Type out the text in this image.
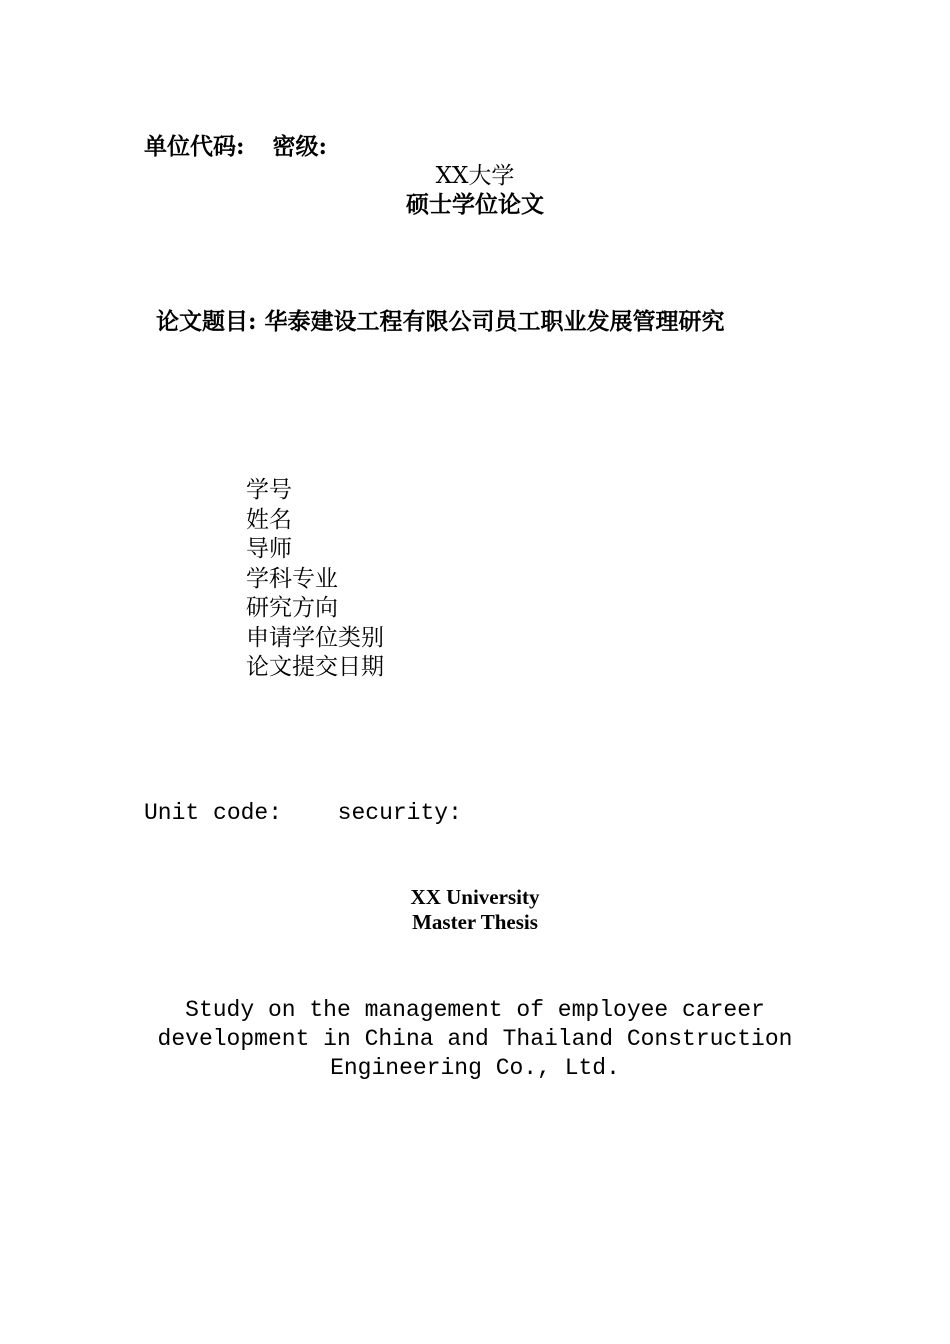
单位代码: 密级:
XX大学
硕士学位论文
论文题目: 华泰建设工程有限公司员工职业发展管理研究
学号
姓名
导师
学科专业
研究方向
申请学位类别
论文提交日期
Unit code: security:
XX University
Master Thesis
Study on the management of employee career
development in China and Thailand Construction
Engineering Co., Ltd.
